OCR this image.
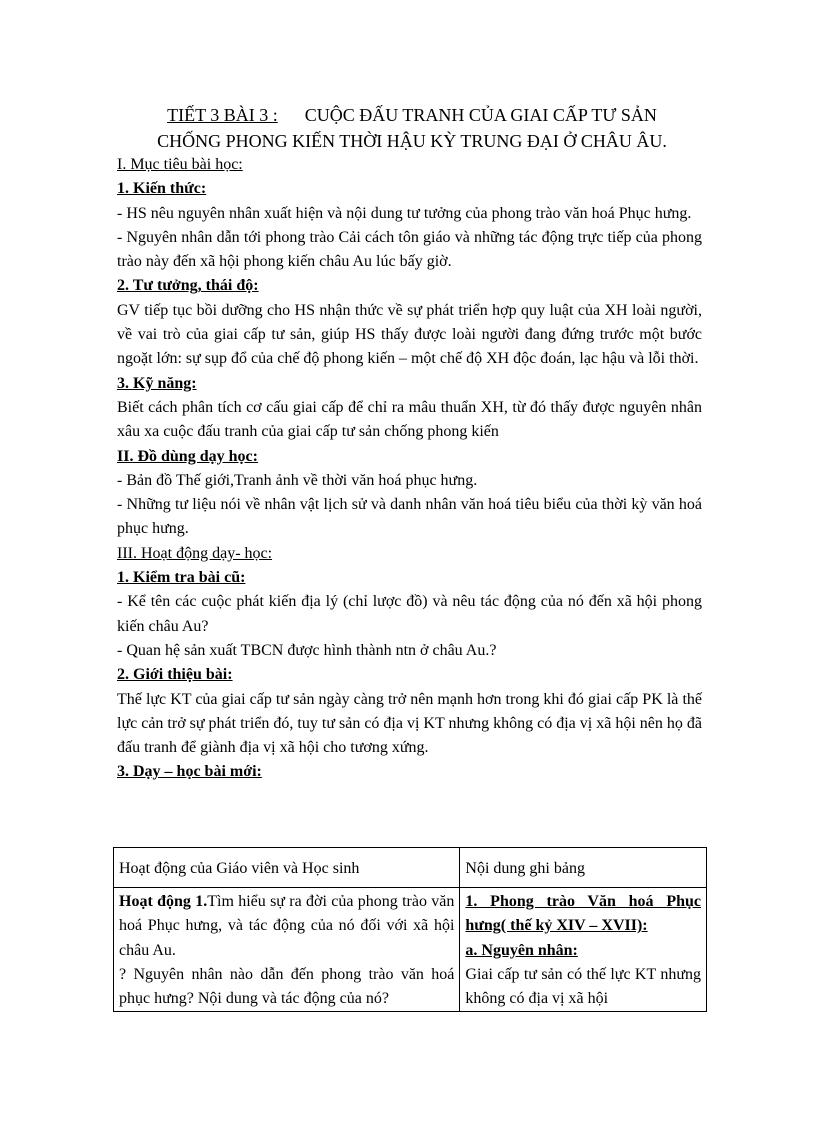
TIẾT 3 BÀI 3 : CUỘC ĐẤU TRANH CỦA GIAI CẤP TƯ SẢN

CHỐNG PHONG KIẾN THỜI HẬU KỲ TRUNG ĐẠI Ở CHÂU ÂU.

I. Mục tiêu bài học:

1. Kiến thức:

- HS nêu nguyên nhân xuất hiện và nội dung tư tưởng của phong trào văn hoá Phục hưng.

- Nguyên nhân dẫn tới phong trào Cải cách tôn giáo và những tác động trực tiếp của phong trào này đến xã hội phong kiến châu Au lúc bấy giờ.

2. Tư tưởng, thái độ:

GV tiếp tục bồi dưỡng cho HS nhận thức về sự phát triển hợp quy luật của XH loài người, về vai trò của giai cấp tư sản, giúp HS thấy được loài người đang đứng trước một bước ngoặt lớn: sự sụp đổ của chế độ phong kiến – một chế độ XH độc đoán, lạc hậu và lỗi thời.

3. Kỹ năng:

Biết cách phân tích cơ cấu giai cấp để chỉ ra mâu thuẩn XH, từ đó thấy được nguyên nhân xâu xa cuộc đấu tranh của giai cấp tư sản chống phong kiến

II. Đồ dùng dạy học:

- Bản đồ Thế giới,Tranh ảnh về thời văn hoá phục hưng.

- Những tư liệu nói về nhân vật lịch sử và danh nhân văn hoá tiêu biểu của thời kỳ văn hoá phục hưng.

III. Hoạt động dạy- học:

1. Kiểm tra bài cũ:

- Kể tên các cuộc phát kiến địa lý (chỉ lược đồ) và nêu tác động của nó đến xã hội phong kiến châu Au?

- Quan hệ sản xuất TBCN được hình thành ntn ở châu Au.?

2. Giới thiệu bài:

Thế lực KT của giai cấp tư sản ngày càng trở nên mạnh hơn trong khi đó giai cấp PK là thế lực cản trở sự phát triển đó, tuy tư sản có địa vị KT nhưng không có địa vị xã hội nên họ đã đấu tranh để giành địa vị xã hội cho tương xứng.

3. Dạy – học bài mới:

Hoạt động của Giáo viên và Học sinh	Nội dung ghi bảng
Hoạt động 1.Tìm hiểu sự ra đời của phong trào văn hoá Phục hưng, và tác động của nó đối với xã hội châu Au.
? Nguyên nhân nào dẫn đến phong trào văn hoá phục hưng? Nội dung và tác động của nó?	1. Phong trào Văn hoá Phục hưng( thế kỷ XIV – XVII):
a. Nguyên nhân:
Giai cấp tư sản có thế lực KT nhưng không có địa vị xã hội
